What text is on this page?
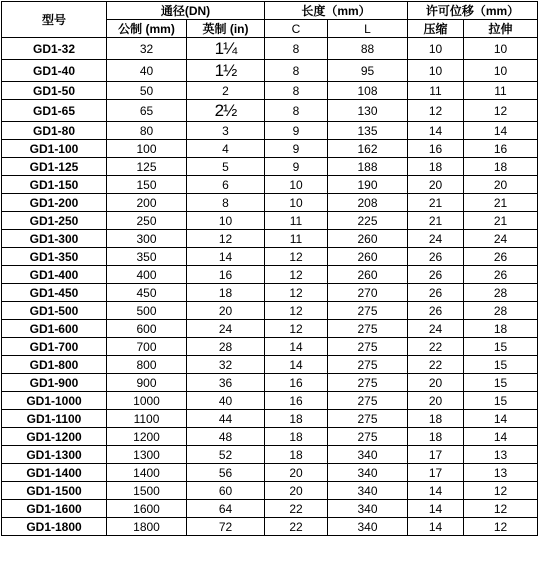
型号	通径(DN)		长度（mm）		许可位移（mm）	
	公制 (mm)	英制 (in)	C	L	压缩	拉伸
GD1-32	32	1¼	8	88	10	10
GD1-40	40	1½	8	95	10	10
GD1-50	50	2	8	108	11	11
GD1-65	65	2½	8	130	12	12
GD1-80	80	3	9	135	14	14
GD1-100	100	4	9	162	16	16
GD1-125	125	5	9	188	18	18
GD1-150	150	6	10	190	20	20
GD1-200	200	8	10	208	21	21
GD1-250	250	10	11	225	21	21
GD1-300	300	12	11	260	24	24
GD1-350	350	14	12	260	26	26
GD1-400	400	16	12	260	26	26
GD1-450	450	18	12	270	26	28
GD1-500	500	20	12	275	26	28
GD1-600	600	24	12	275	24	18
GD1-700	700	28	14	275	22	15
GD1-800	800	32	14	275	22	15
GD1-900	900	36	16	275	20	15
GD1-1000	1000	40	16	275	20	15
GD1-1100	1100	44	18	275	18	14
GD1-1200	1200	48	18	275	18	14
GD1-1300	1300	52	18	340	17	13
GD1-1400	1400	56	20	340	17	13
GD1-1500	1500	60	20	340	14	12
GD1-1600	1600	64	22	340	14	12
GD1-1800	1800	72	22	340	14	12
